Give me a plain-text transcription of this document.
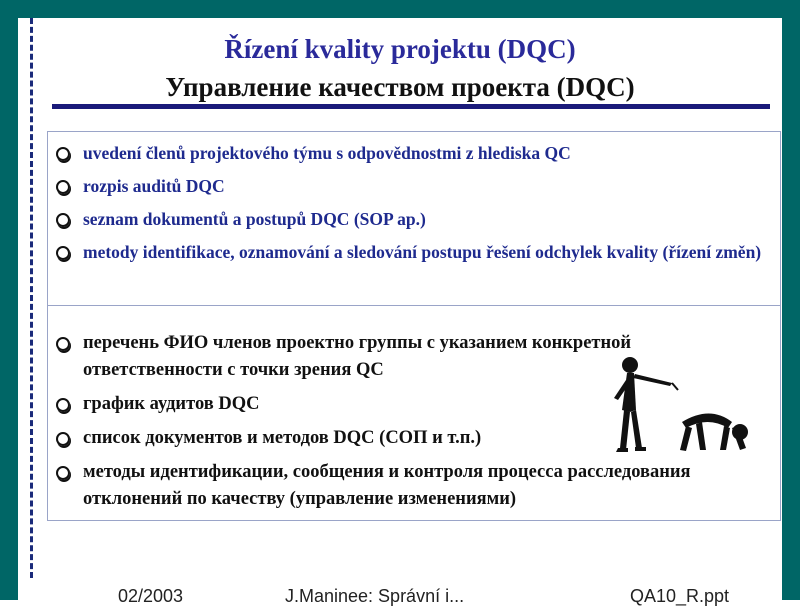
Řízení kvality projektu (DQC)
Управление качеством проекта (DQC)
uvedení členů projektového týmu s odpovědnostmi z hlediska QC
rozpis auditů DQC
seznam dokumentů a postupů DQC (SOP ap.)
metody identifikace, oznamování a sledování postupu řešení odchylek kvality (řízení změn)
перечень ФИО членов проектно группы с указанием конкретной ответственности с точки зрения QC
график аудитов DQC
список документов и методов DQC (СОП и т.п.)
методы идентификации, сообщения и контроля процесса расследования отклонений по качеству (управление изменениями)
02/2003	J.Maninee: Správní i...	QA10_R.ppt
